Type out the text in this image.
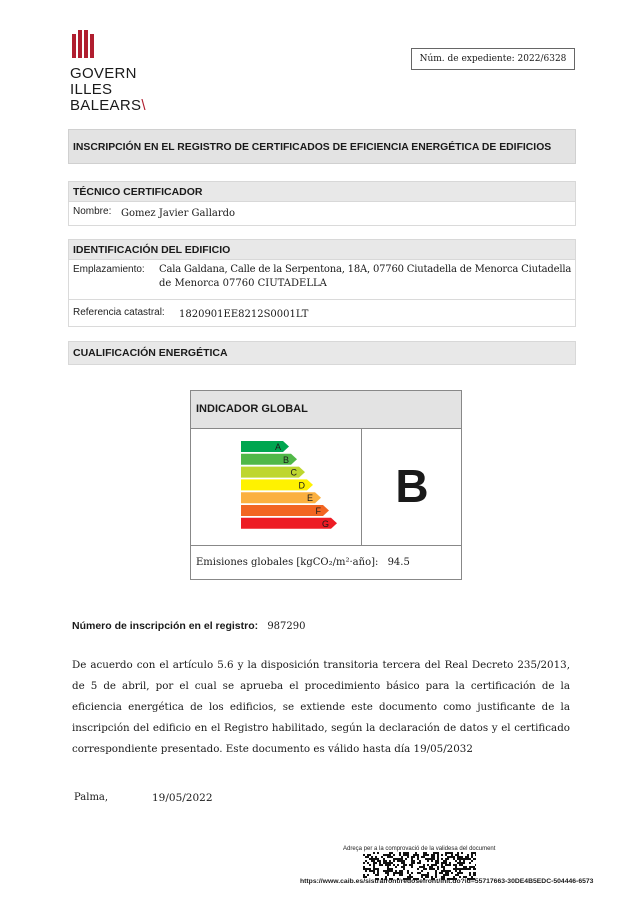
GOVERN
ILLES
BALEARS\
Núm. de expediente: 2022/6328
INSCRIPCIÓN EN EL REGISTRO DE CERTIFICADOS DE EFICIENCIA ENERGÉTICA DE EDIFICIOS
TÉCNICO CERTIFICADOR
Nombre: Gomez Javier Gallardo
IDENTIFICACIÓN DEL EDIFICIO
Emplazamiento: Cala Galdana, Calle de la Serpentona, 18A, 07760 Ciutadella de Menorca Ciutadella
de Menorca 07760 CIUTADELLA
Referencia catastral: 1820901EE8212S0001LT
CUALIFICACIÓN ENERGÉTICA
INDICADOR GLOBAL
A
B
C
D
E
F
G
B
Emisiones globales [kgCO₂/m²·año]: 94.5
Número de inscripción en el registro: 987290
De acuerdo con el artículo 5.6 y la disposición transitoria tercera del Real Decreto 235/2013, de 5 de abril, por el cual se aprueba el procedimiento básico para la certificación de la eficiencia energética de los edificios, se extiende este documento como justificante de la inscripción del edificio en el Registro habilitado, según la declaración de datos y el certificado correspondiente presentado. Este documento es válido hasta día 19/05/2032
Palma,	19/05/2022
Adreça per a la comprovació de la validesa del document
https://www.caib.es/sistrafront/redosefront/init.do?id=55717663-30DE4B5EDC-504446-6573
